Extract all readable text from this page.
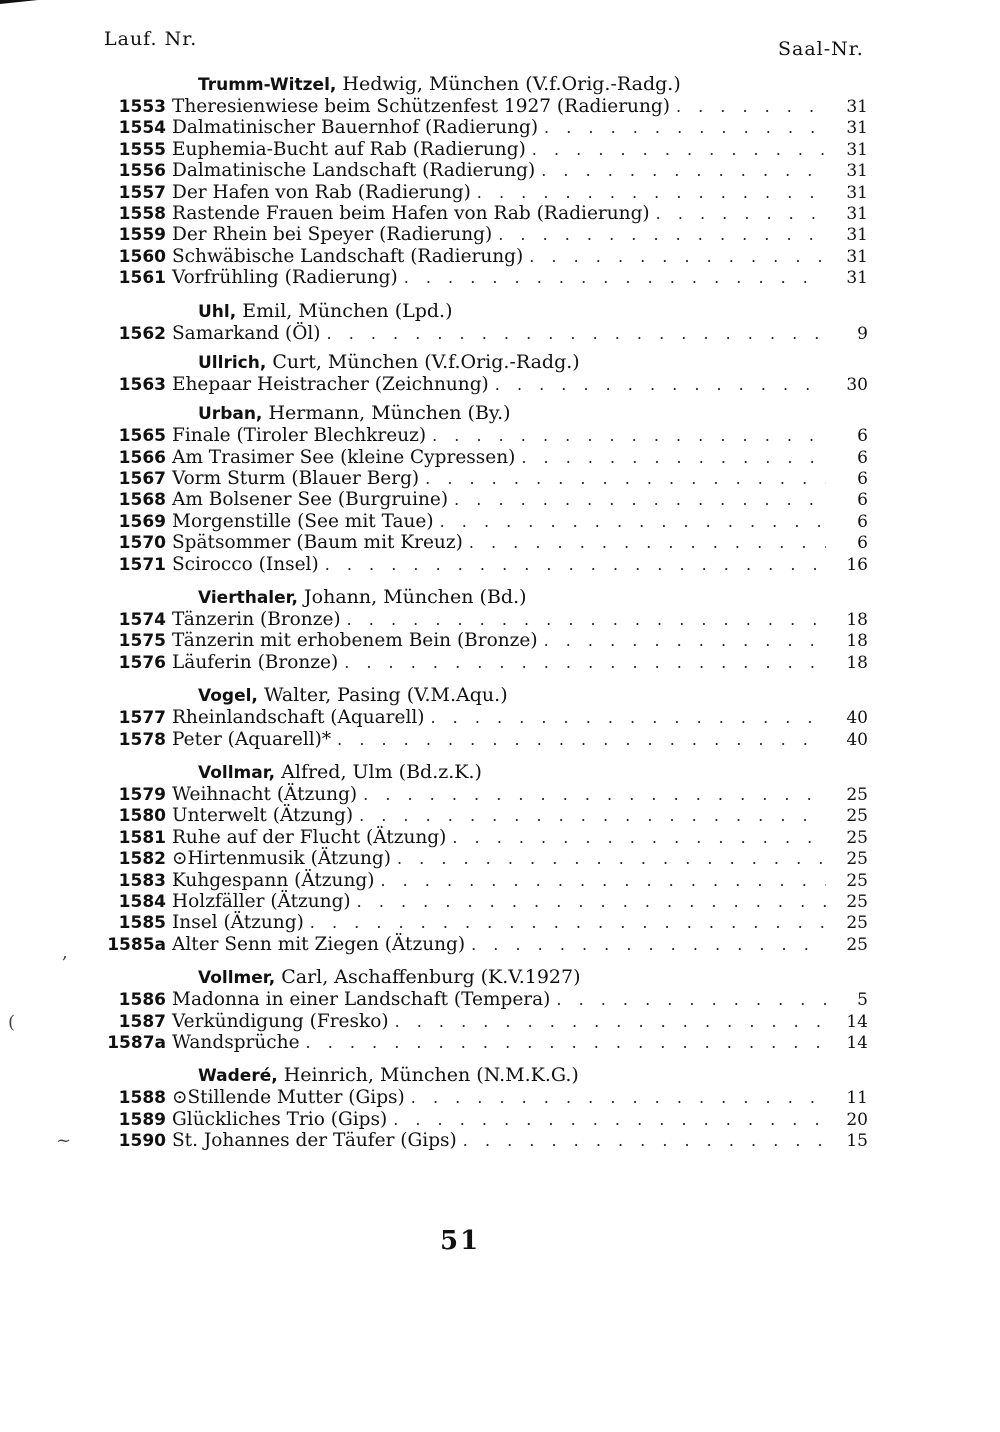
Lauf. Nr.	Saal-Nr.
Trumm-Witzel, Hedwig, München (V.f.Orig.-Radg.)
1553 Theresienwiese beim Schützenfest 1927 (Radierung) . . .	31
1554 Dalmatinischer Bauernhof (Radierung) . . .	31
1555 Euphemia-Bucht auf Rab (Radierung) . . .	31
1556 Dalmatinische Landschaft (Radierung) . . .	31
1557 Der Hafen von Rab (Radierung) . . .	31
1558 Rastende Frauen beim Hafen von Rab (Radierung) . . .	31
1559 Der Rhein bei Speyer (Radierung) . . .	31
1560 Schwäbische Landschaft (Radierung) . . .	31
1561 Vorfrühling (Radierung) . . .	31
Uhl, Emil, München (Lpd.)
1562 Samarkand (Öl) . . .	9
Ullrich, Curt, München (V.f.Orig.-Radg.)
1563 Ehepaar Heistracher (Zeichnung) . . .	30
Urban, Hermann, München (By.)
1565 Finale (Tiroler Blechkreuz) . . .	6
1566 Am Trasimer See (kleine Cypressen) . . .	6
1567 Vorm Sturm (Blauer Berg) . . .	6
1568 Am Bolsener See (Burgruine) . . .	6
1569 Morgenstille (See mit Taue) . . .	6
1570 Spätsommer (Baum mit Kreuz) . . .	6
1571 Scirocco (Insel) . . .	16
Vierthaler, Johann, München (Bd.)
1574 Tänzerin (Bronze) . . .	18
1575 Tänzerin mit erhobenem Bein (Bronze) . . .	18
1576 Läuferin (Bronze) . . .	18
Vogel, Walter, Pasing (V.M.Aqu.)
1577 Rheinlandschaft (Aquarell) . . .	40
1578 Peter (Aquarell)* . . .	40
Vollmar, Alfred, Ulm (Bd.z.K.)
1579 Weihnacht (Ätzung) . . .	25
1580 Unterwelt (Ätzung) . . .	25
1581 Ruhe auf der Flucht (Ätzung) . . .	25
1582 ⊙Hirtenmusik (Ätzung) . . .	25
1583 Kuhgespann (Ätzung) . . .	25
1584 Holzfäller (Ätzung) . . .	25
1585 Insel (Ätzung) . . .	25
1585a Alter Senn mit Ziegen (Ätzung) . . .	25
Vollmer, Carl, Aschaffenburg (K.V.1927)
1586 Madonna in einer Landschaft (Tempera) . . .	5
1587 Verkündigung (Fresko) . . .	14
1587a Wandsprüche . . .	14
Waderé, Heinrich, München (N.M.K.G.)
1588 ⊙Stillende Mutter (Gips) . . .	11
1589 Glückliches Trio (Gips) . . .	20
1590 St. Johannes der Täufer (Gips) . . .	15
,
(
~
51
